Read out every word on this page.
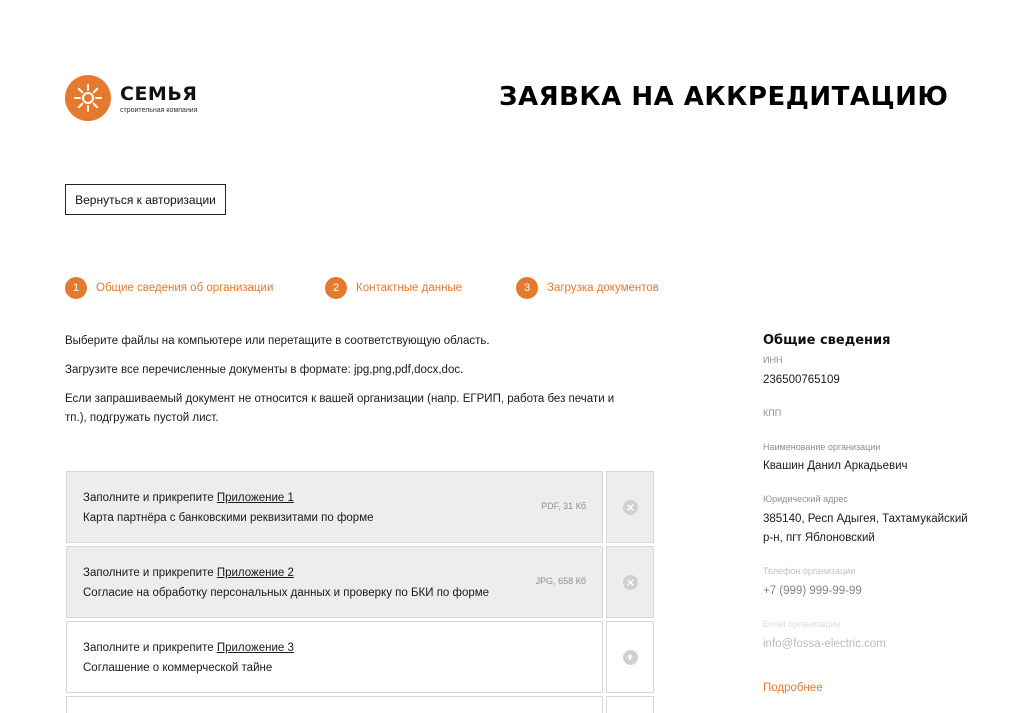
СЕМЬЯ
строительная компания	ЗАЯВКА НА АККРЕДИТАЦИЮ
Вернуться к авторизации
1	Общие сведения об организации	2	Контактные данные	3	Загрузка документов

Выберите файлы на компьютере или перетащите в соответствующую область.

Загрузите все перечисленные документы в формате: jpg,png,pdf,docx,doc.

Если запрашиваемый документ не относится к вашей организации (напр. ЕГРИП, работа без печати и тп.), подгружать пустой лист.

Заполните и прикрепите Приложение 1
Карта партнёра с банковскими реквизитами по форме
PDF, 31 Кб
Заполните и прикрепите Приложение 2
Согласие на обработку персональных данных и проверку по БКИ по форме
JPG, 658 Кб
Заполните и прикрепите Приложение 3
Соглашение о коммерческой тайне
Общие сведения
ИНН
236500765109
КПП
Наименование организации
Квашин Данил Аркадьевич
Юридический адрес
385140, Респ Адыгея, Тахтамукайский
р-н, пгт Яблоновский
Телефон организации
+7 (999) 999-99-99
Email организации
info@fossa-electric.com
Подробнее
